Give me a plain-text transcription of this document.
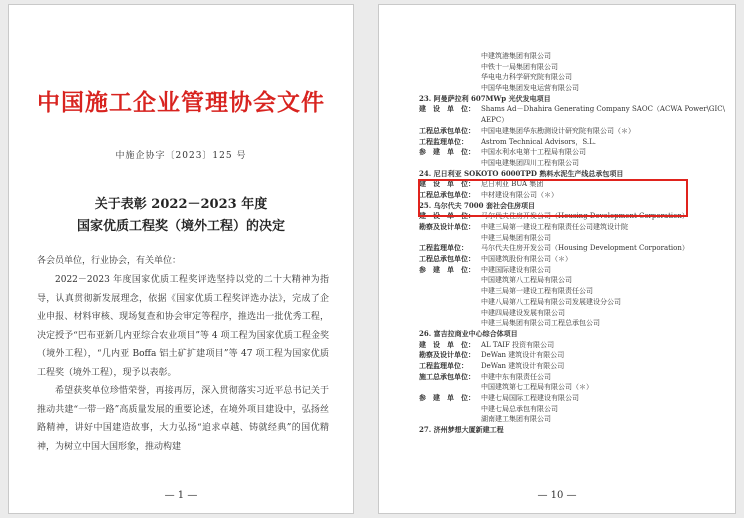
中国施工企业管理协会文件
中施企协字〔2023〕125 号
关于表彰 2022－2023 年度
国家优质工程奖（境外工程）的决定
各会员单位，行业协会，有关单位：

2022－2023 年度国家优质工程奖评选坚持以党的二十大精神为指导，认真贯彻新发展理念，依据《国家优质工程奖评选办法》，完成了企业申报、材料审核、现场复查和协会审定等程序，推选出一批优秀工程，决定授予“巴布亚新几内亚综合农业项目”等 4 项工程为国家优质工程金奖（境外工程），“几内亚 Boffa 铝土矿扩建项目”等 47 项工程为国家优质工程奖（境外工程），现予以表彰。

希望获奖单位珍惜荣誉，再接再厉，深入贯彻落实习近平总书记关于推动共建“一带一路”高质量发展的重要论述，在境外项目建设中，弘扬丝路精神，讲好中国建造故事，大力弘扬“追求卓越、铸就经典”的国优精神，为树立中国大国形象，推动构建

— 1 —
中建筑港集团有限公司
中铁十一局集团有限公司
华电电力科学研究院有限公司
中国华电集团发电运营有限公司
23. 阿曼萨拉利 607MWp 光伏发电项目
建　设　单　位： Shams Ad－Dhahira Generating Company SAOC（ACWA Power\GIC\
AEPC）
工程总承包单位： 中国电建集团华东勘测设计研究院有限公司（＊）
工程监理单位： Astrom Technical Advisors，S.L.
参　建　单　位： 中国水利水电第十工程局有限公司
中国电建集团四川工程有限公司
24. 尼日利亚 SOKOTO 6000TPD 熟料水泥生产线总承包项目
建　设　单　位： 尼日利亚 BUA 集团
工程总承包单位： 中材建设有限公司（＊）
25. 乌尔代夫 7000 套社会住房项目
建　设　单　位： 马尔代夫住房开发公司（Housing Development Corporation）
勘察及设计单位： 中建三局第一建设工程有限责任公司建筑设计院
中建三局集团有限公司
工程监理单位： 马尔代夫住房开发公司（Housing Development Corporation）
工程总承包单位： 中国建筑股份有限公司（＊）
参　建　单　位： 中建国际建设有限公司
中国建筑第八工程局有限公司
中建三局第一建设工程有限责任公司
中建八局第八工程局有限公司发展建设分公司
中建四局建设发展有限公司
中建三局集团有限公司工程总承包公司
26. 富吉拉商业中心综合体项目
建　设　单　位： AL TAIF 投资有限公司
勘察及设计单位： DeWan 建筑设计有限公司
工程监理单位： DeWan 建筑设计有限公司
施工总承包单位： 中建中东有限责任公司
中国建筑第七工程局有限公司（＊）
参　建　单　位： 中建七局国际工程建设有限公司
中建七局总承包有限公司
湖南建工集团有限公司
27. 济州梦想大厦新建工程
— 10 —
